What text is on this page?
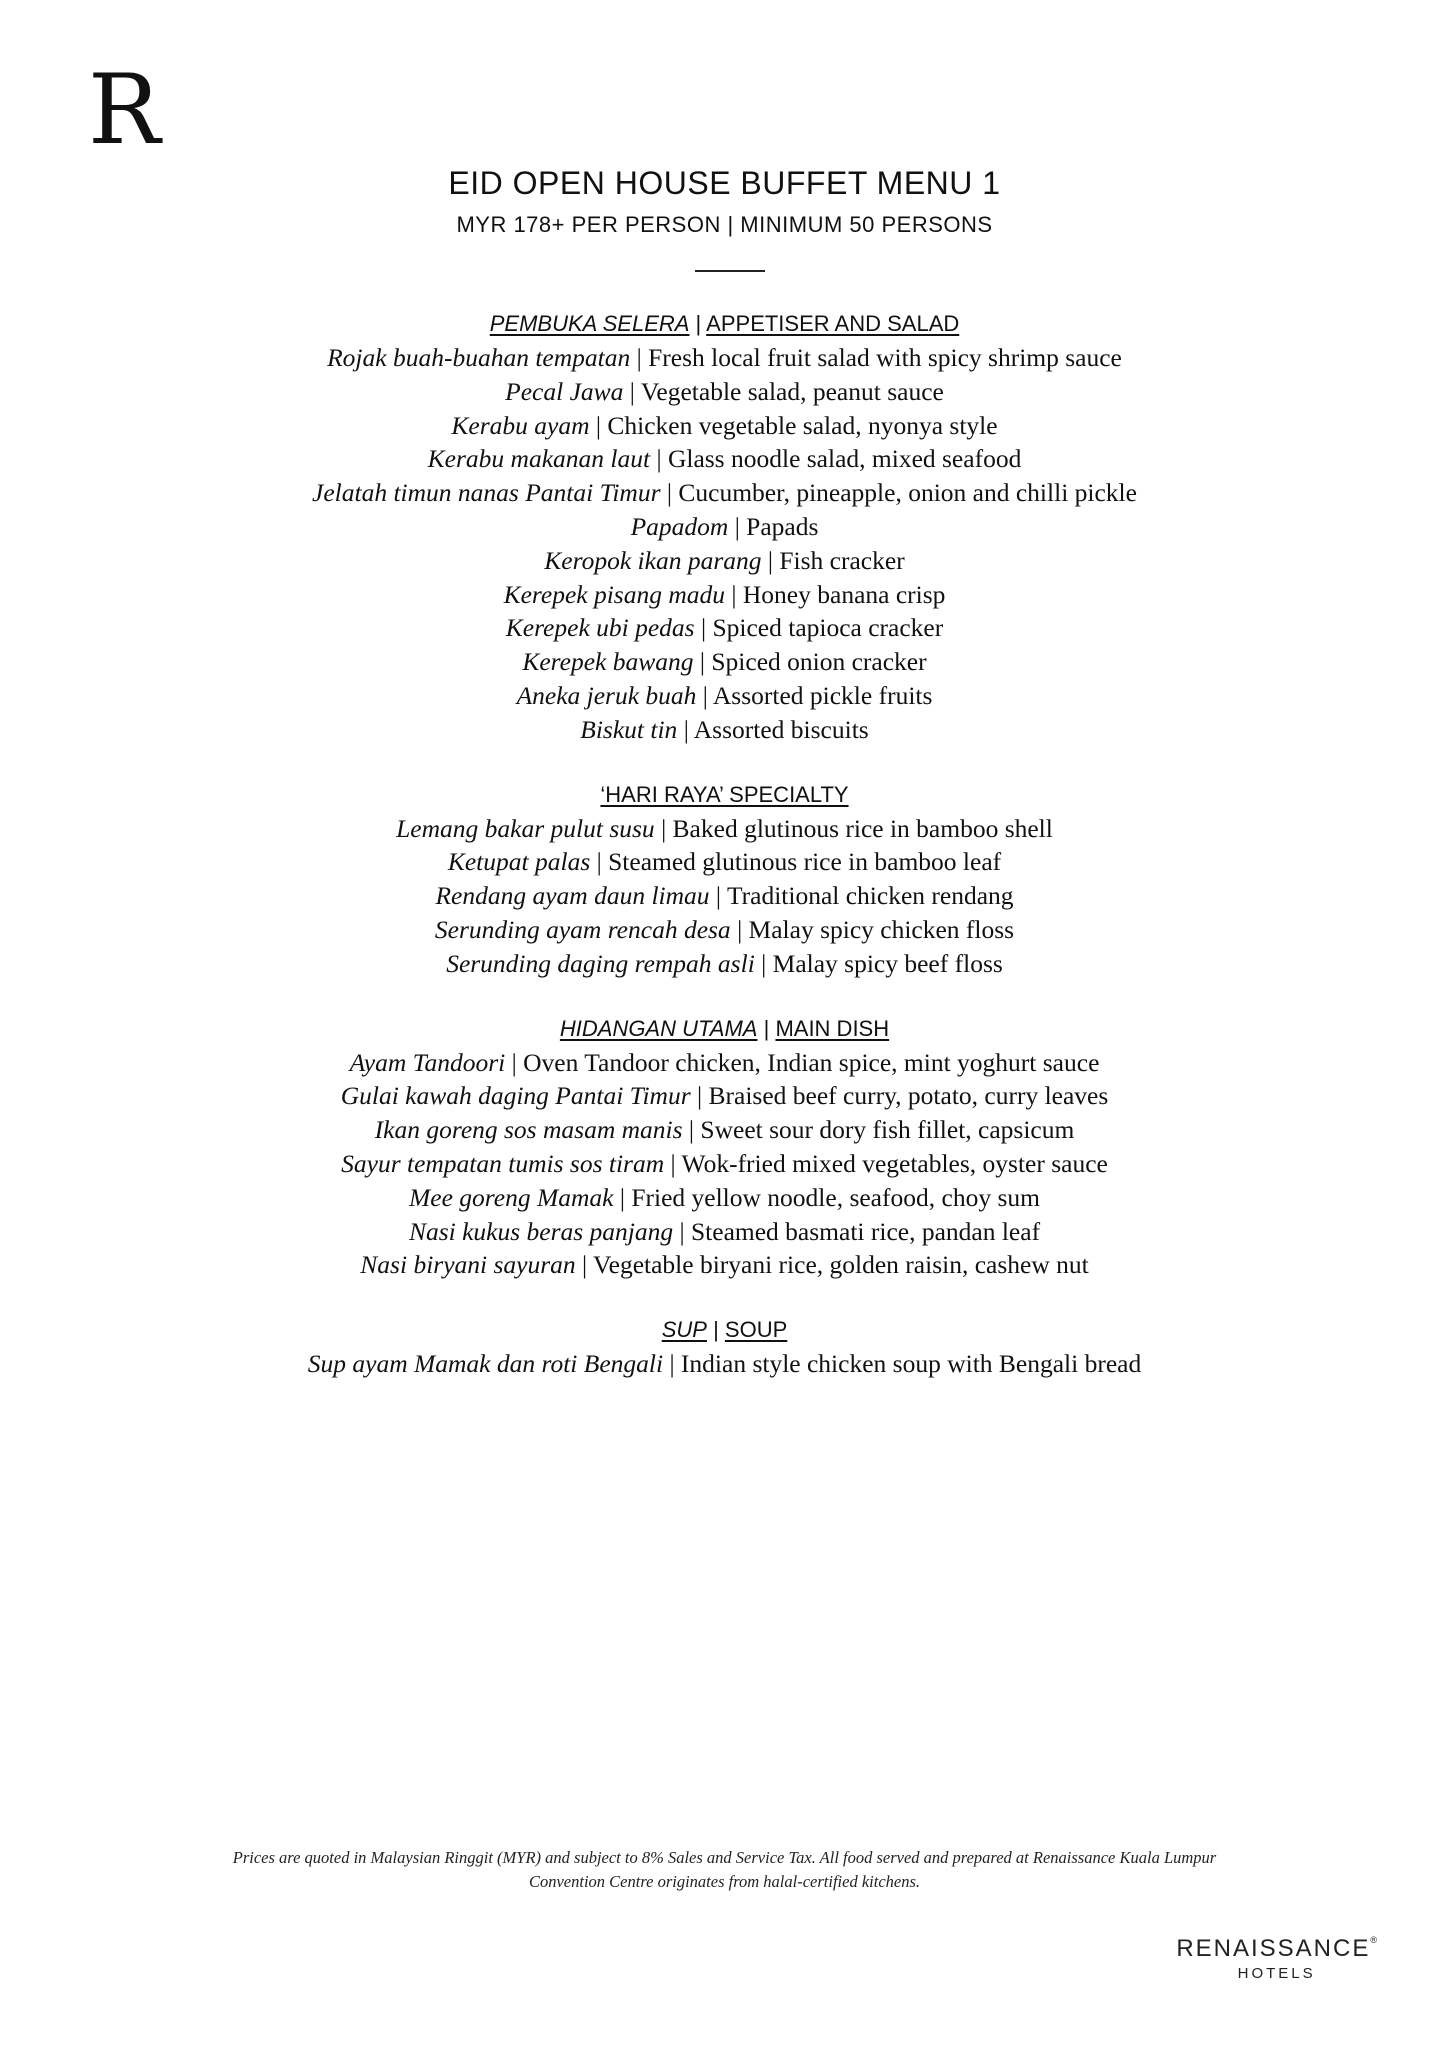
R
EID OPEN HOUSE BUFFET MENU 1
MYR 178+ PER PERSON | MINIMUM 50 PERSONS
PEMBUKA SELERA | APPETISER AND SALAD
Rojak buah-buahan tempatan | Fresh local fruit salad with spicy shrimp sauce
Pecal Jawa | Vegetable salad, peanut sauce
Kerabu ayam | Chicken vegetable salad, nyonya style
Kerabu makanan laut | Glass noodle salad, mixed seafood
Jelatah timun nanas Pantai Timur | Cucumber, pineapple, onion and chilli pickle
Papadom | Papads
Keropok ikan parang | Fish cracker
Kerepek pisang madu | Honey banana crisp
Kerepek ubi pedas | Spiced tapioca cracker
Kerepek bawang | Spiced onion cracker
Aneka jeruk buah | Assorted pickle fruits
Biskut tin | Assorted biscuits
‘HARI RAYA’ SPECIALTY
Lemang bakar pulut susu | Baked glutinous rice in bamboo shell
Ketupat palas | Steamed glutinous rice in bamboo leaf
Rendang ayam daun limau | Traditional chicken rendang
Serunding ayam rencah desa | Malay spicy chicken floss
Serunding daging rempah asli | Malay spicy beef floss
HIDANGAN UTAMA | MAIN DISH
Ayam Tandoori | Oven Tandoor chicken, Indian spice, mint yoghurt sauce
Gulai kawah daging Pantai Timur | Braised beef curry, potato, curry leaves
Ikan goreng sos masam manis | Sweet sour dory fish fillet, capsicum
Sayur tempatan tumis sos tiram | Wok-fried mixed vegetables, oyster sauce
Mee goreng Mamak | Fried yellow noodle, seafood, choy sum
Nasi kukus beras panjang | Steamed basmati rice, pandan leaf
Nasi biryani sayuran | Vegetable biryani rice, golden raisin, cashew nut
SUP | SOUP
Sup ayam Mamak dan roti Bengali | Indian style chicken soup with Bengali bread
Prices are quoted in Malaysian Ringgit (MYR) and subject to 8% Sales and Service Tax. All food served and prepared at Renaissance Kuala Lumpur
Convention Centre originates from halal-certified kitchens.
RENAISSANCE®
HOTELS
